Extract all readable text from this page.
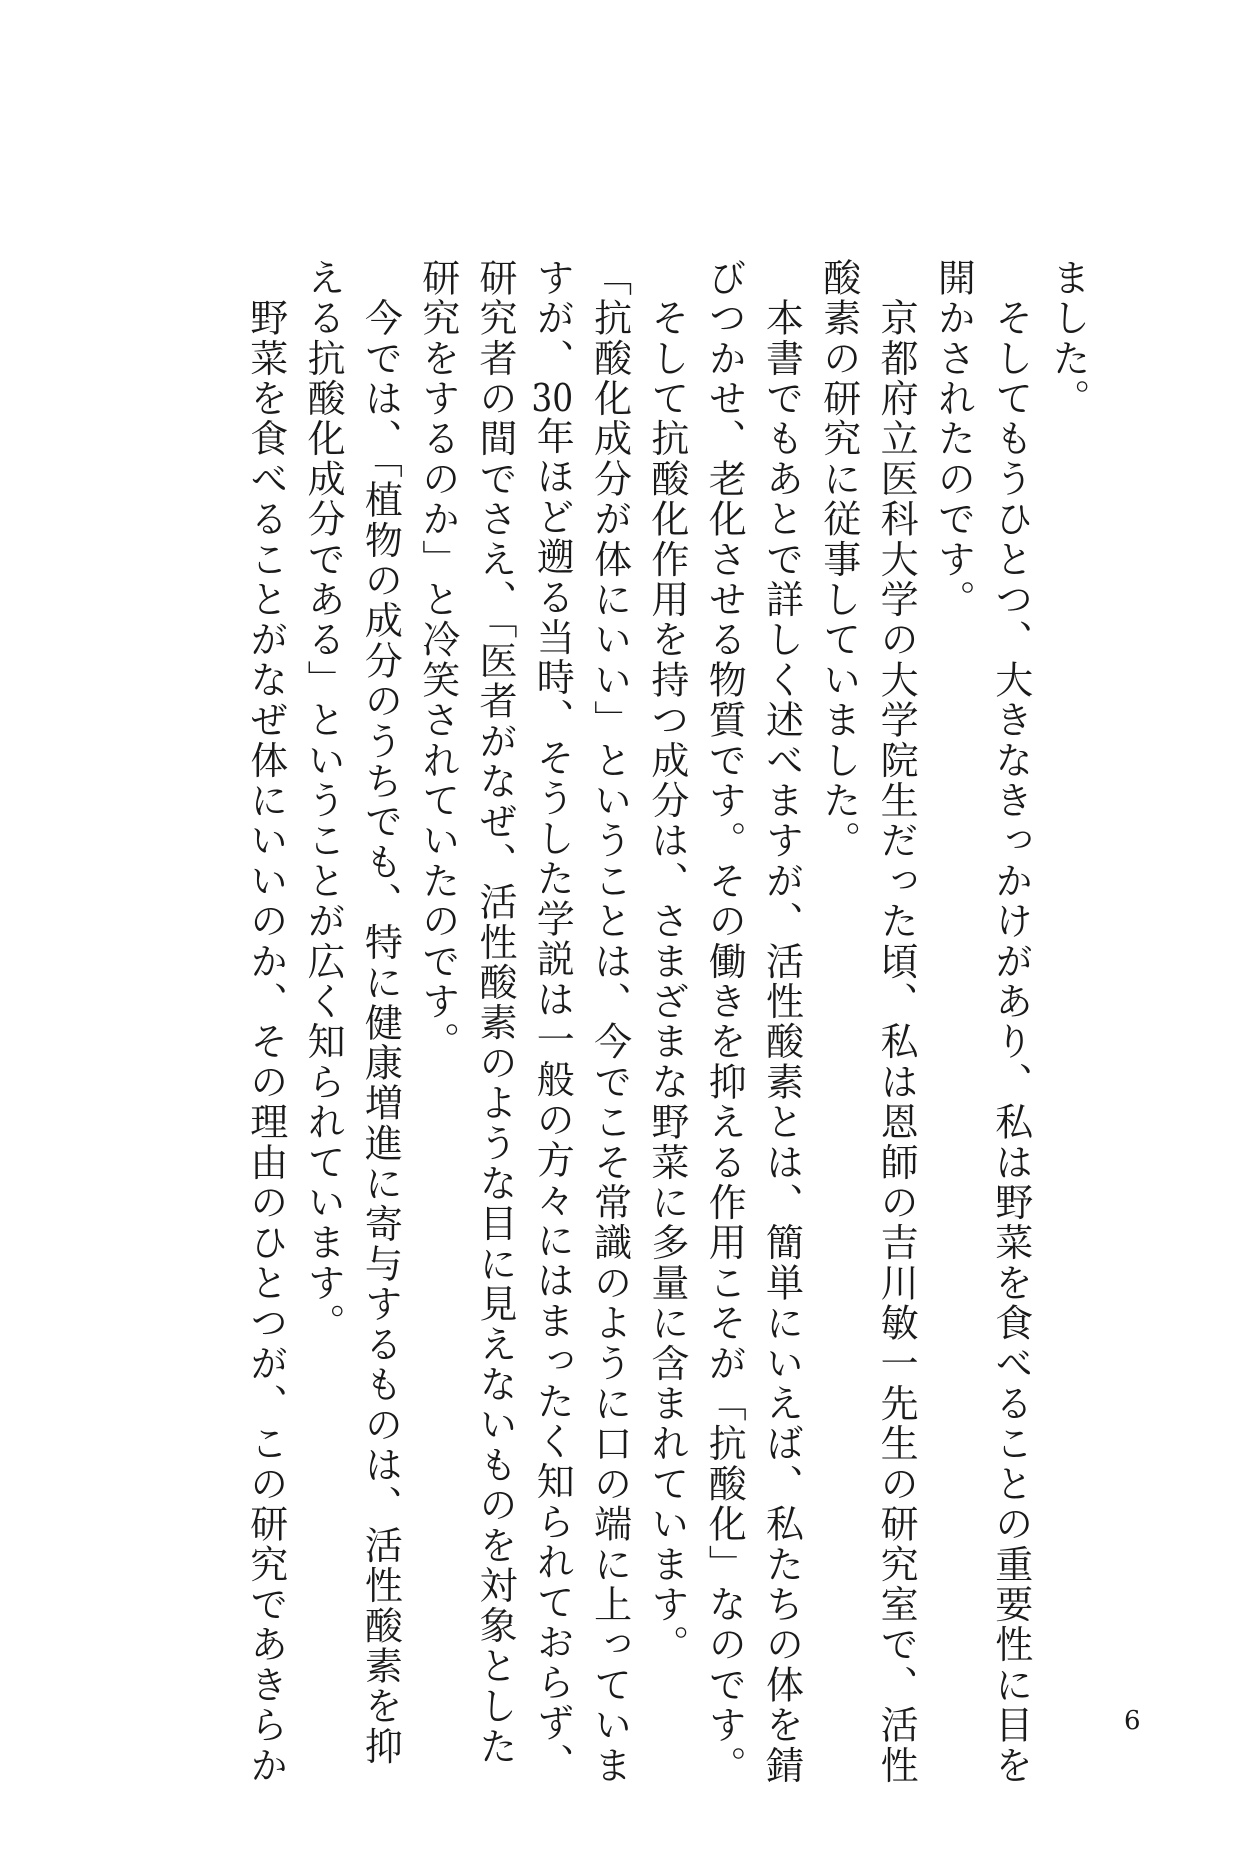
ました。
　そしてもうひとつ、大きなきっかけがあり、私は野菜を食べることの重要性に目を
開かされたのです。
　京都府立医科大学の大学院生だった頃、私は恩師の吉川敏一先生の研究室で、活性
酸素の研究に従事していました。
　本書でもあとで詳しく述べますが、活性酸素とは、簡単にいえば、私たちの体を錆
びつかせ、老化させる物質です。その働きを抑える作用こそが「抗酸化」なのです。
　そして抗酸化作用を持つ成分は、さまざまな野菜に多量に含まれています。
「抗酸化成分が体にいい」ということは、今でこそ常識のように口の端に上っていま
すが、30年ほど遡る当時、そうした学説は一般の方々にはまったく知られておらず、
研究者の間でさえ、「医者がなぜ、活性酸素のような目に見えないものを対象とした
研究をするのか」と冷笑されていたのです。
　今では、「植物の成分のうちでも、特に健康増進に寄与するものは、活性酸素を抑
える抗酸化成分である」ということが広く知られています。
　野菜を食べることがなぜ体にいいのか、その理由のひとつが、この研究であきらか	6
